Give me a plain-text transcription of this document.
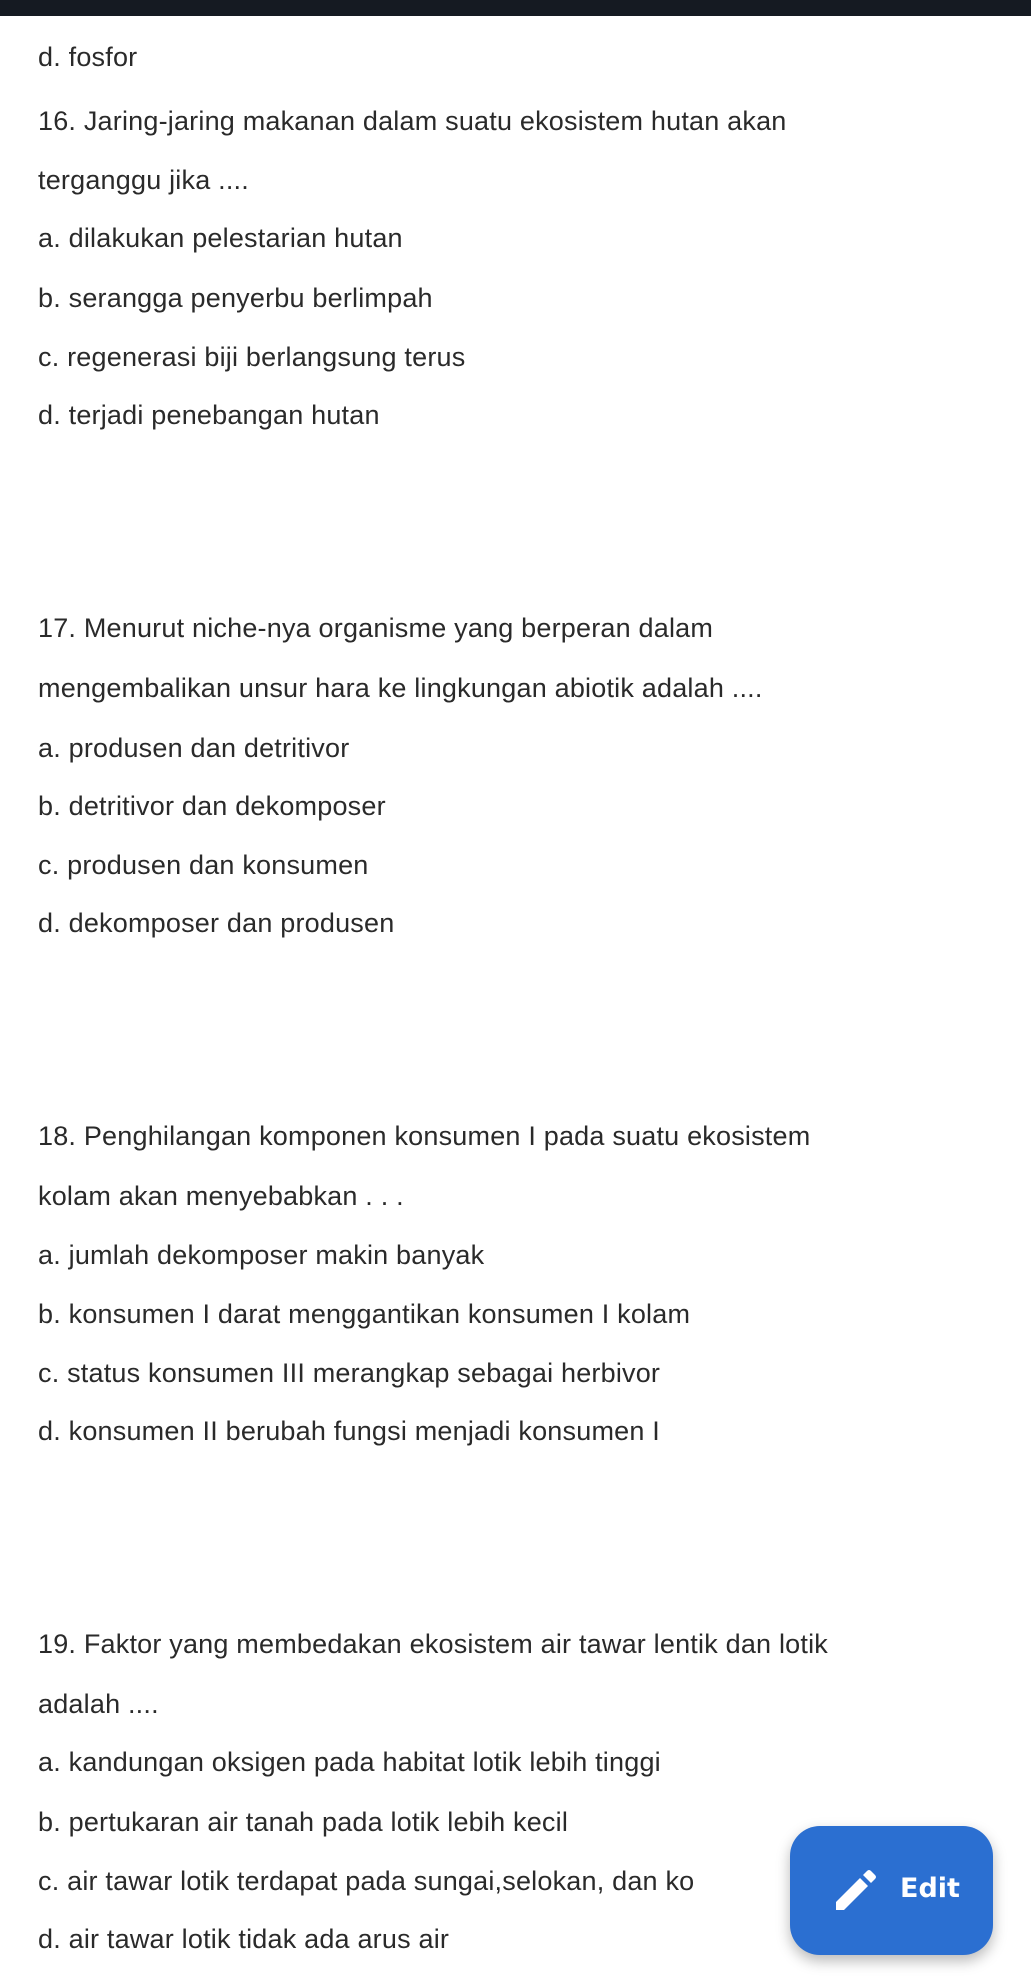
d. fosfor
16. Jaring-jaring makanan dalam suatu ekosistem hutan akan
terganggu jika ....
a. dilakukan pelestarian hutan
b. serangga penyerbu berlimpah
c. regenerasi biji berlangsung terus
d. terjadi penebangan hutan
17. Menurut niche-nya organisme yang berperan dalam
mengembalikan unsur hara ke lingkungan abiotik adalah ....
a. produsen dan detritivor
b. detritivor dan dekomposer
c. produsen dan konsumen
d. dekomposer dan produsen
18. Penghilangan komponen konsumen I pada suatu ekosistem
kolam akan menyebabkan . . .
a. jumlah dekomposer makin banyak
b. konsumen I darat menggantikan konsumen I kolam
c. status konsumen III merangkap sebagai herbivor
d. konsumen II berubah fungsi menjadi konsumen I
19. Faktor yang membedakan ekosistem air tawar lentik dan lotik
adalah ....
a. kandungan oksigen pada habitat lotik lebih tinggi
b. pertukaran air tanah pada lotik lebih kecil
c. air tawar lotik terdapat pada sungai,selokan, dan ko
d. air tawar lotik tidak ada arus air
Edit
